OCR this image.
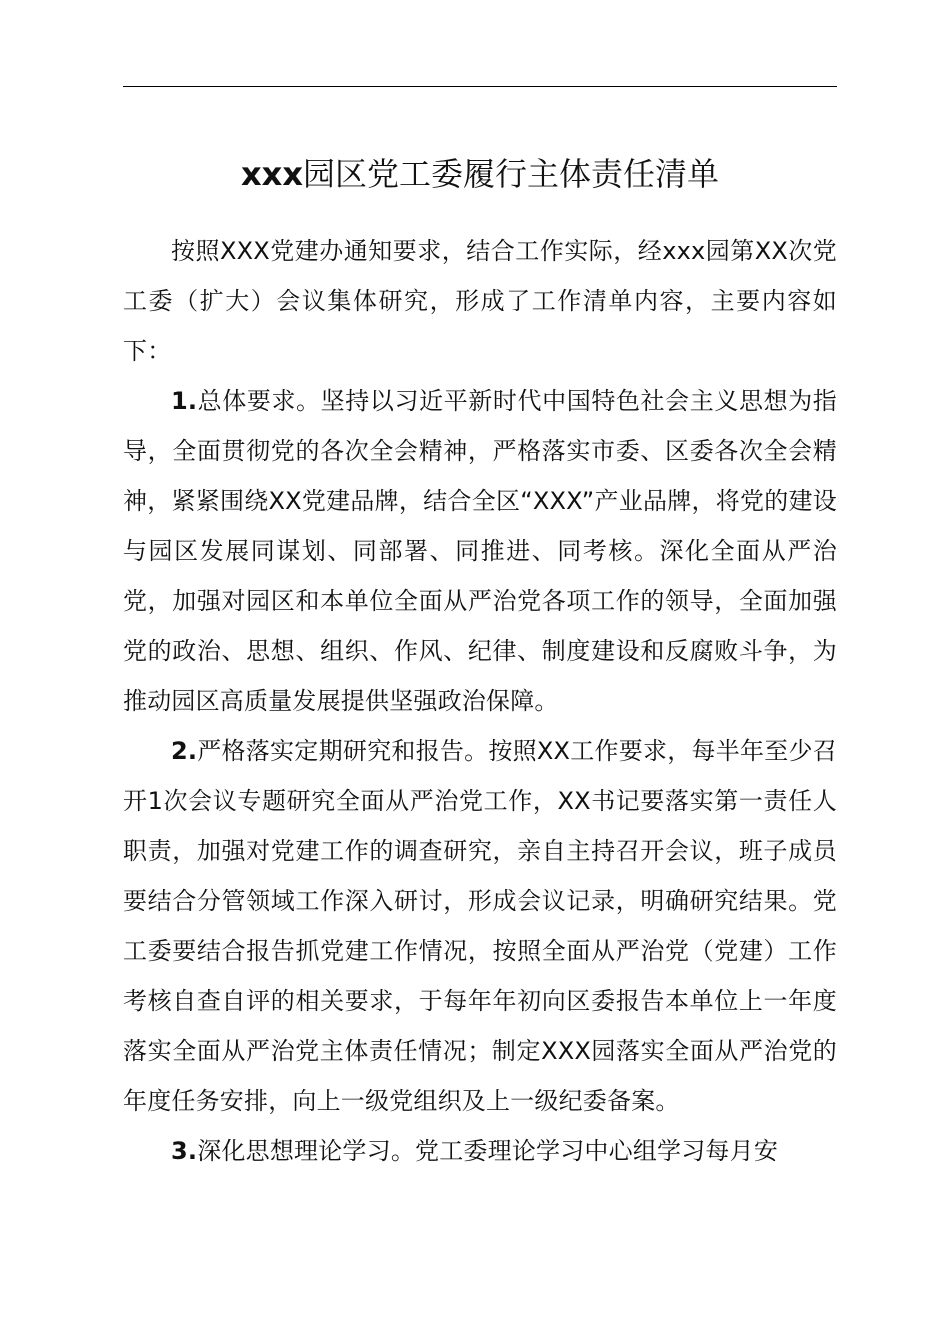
xxx园区党工委履行主体责任清单

按照XXX党建办通知要求，结合工作实际，经xxx园第XX次党工委（扩大）会议集体研究，形成了工作清单内容，主要内容如下：

1.总体要求。坚持以习近平新时代中国特色社会主义思想为指导，全面贯彻党的各次全会精神，严格落实市委、区委各次全会精神，紧紧围绕XX党建品牌，结合全区“XXX”产业品牌，将党的建设与园区发展同谋划、同部署、同推进、同考核。深化全面从严治党，加强对园区和本单位全面从严治党各项工作的领导，全面加强党的政治、思想、组织、作风、纪律、制度建设和反腐败斗争，为推动园区高质量发展提供坚强政治保障。

2.严格落实定期研究和报告。按照XX工作要求，每半年至少召开1次会议专题研究全面从严治党工作，XX书记要落实第一责任人职责，加强对党建工作的调查研究，亲自主持召开会议，班子成员要结合分管领域工作深入研讨，形成会议记录，明确研究结果。党工委要结合报告抓党建工作情况，按照全面从严治党（党建）工作考核自查自评的相关要求，于每年年初向区委报告本单位上一年度落实全面从严治党主体责任情况；制定XXX园落实全面从严治党的年度任务安排，向上一级党组织及上一级纪委备案。

3.深化思想理论学习。党工委理论学习中心组学习每月安
